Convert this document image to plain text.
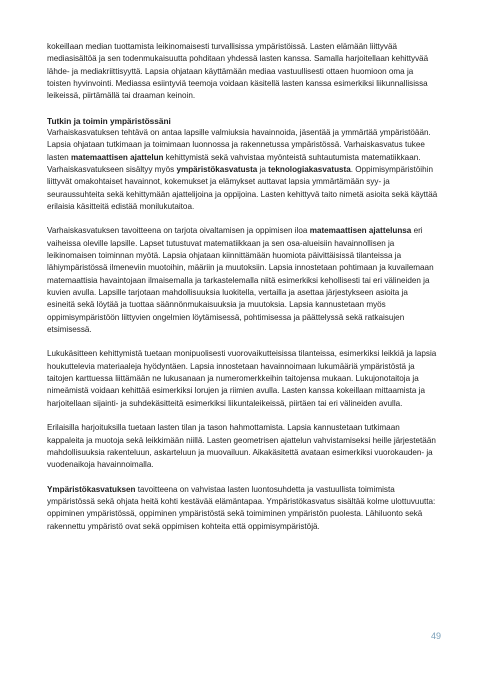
kokeillaan median tuottamista leikinomaisesti turvallisissa ympäristöissä. Lasten elämään liittyvää mediasisältöä ja sen todenmukaisuutta pohditaan yhdessä lasten kanssa. Samalla harjoitellaan kehittyvää lähde- ja mediakriittisyyttä. Lapsia ohjataan käyttämään mediaa vastuullisesti ottaen huomioon oma ja toisten hyvinvointi. Mediassa esiintyviä teemoja voidaan käsitellä lasten kanssa esimerkiksi liikunnallisissa leikeissä, piirtämällä tai draaman keinoin.

Tutkin ja toimin ympäristössäni

Varhaiskasvatuksen tehtävä on antaa lapsille valmiuksia havainnoida, jäsentää ja ymmärtää ympäristöään. Lapsia ohjataan tutkimaan ja toimimaan luonnossa ja rakennetussa ympäristössä. Varhaiskasvatus tukee lasten matemaattisen ajattelun kehittymistä sekä vahvistaa myönteistä suhtautumista matematiikkaan. Varhaiskasvatukseen sisältyy myös ympäristökasvatusta ja teknologiakasvatusta. Oppimisympäristöihin liittyvät omakohtaiset havainnot, kokemukset ja elämykset auttavat lapsia ymmärtämään syy- ja seuraussuhteita sekä kehittymään ajattelijoina ja oppijoina. Lasten kehittyvä taito nimetä asioita sekä käyttää erilaisia käsitteitä edistää monilukutaitoa.

Varhaiskasvatuksen tavoitteena on tarjota oivaltamisen ja oppimisen iloa matemaattisen ajattelunsa eri vaiheissa oleville lapsille. Lapset tutustuvat matematiikkaan ja sen osa-alueisiin havainnollisen ja leikinomaisen toiminnan myötä. Lapsia ohjataan kiinnittämään huomiota päivittäisissä tilanteissa ja lähiympäristössä ilmeneviin muotoihin, määriin ja muutoksiin. Lapsia innostetaan pohtimaan ja kuvailemaan matemaattisia havaintojaan ilmaisemalla ja tarkastelemalla niitä esimerkiksi kehollisesti tai eri välineiden ja kuvien avulla. Lapsille tarjotaan mahdollisuuksia luokitella, vertailla ja asettaa järjestykseen asioita ja esineitä sekä löytää ja tuottaa säännönmukaisuuksia ja muutoksia. Lapsia kannustetaan myös oppimisympäristöön liittyvien ongelmien löytämisessä, pohtimisessa ja päättelyssä sekä ratkaisujen etsimisessä.

Lukukäsitteen kehittymistä tuetaan monipuolisesti vuorovaikutteisissa tilanteissa, esimerkiksi leikkiä ja lapsia houkuttelevia materiaaleja hyödyntäen. Lapsia innostetaan havainnoimaan lukumääriä ympäristöstä ja taitojen karttuessa liittämään ne lukusanaan ja numeromerkkeihin taitojensa mukaan. Lukujonotaitoja ja nimeämistä voidaan kehittää esimerkiksi lorujen ja riimien avulla. Lasten kanssa kokeillaan mittaamista ja harjoitellaan sijainti- ja suhdekäsitteitä esimerkiksi liikuntaleikeissä, piirtäen tai eri välineiden avulla.

Erilaisilla harjoituksilla tuetaan lasten tilan ja tason hahmottamista. Lapsia kannustetaan tutkimaan kappaleita ja muotoja sekä leikkimään niillä. Lasten geometrisen ajattelun vahvistamiseksi heille järjestetään mahdollisuuksia rakenteluun, askarteluun ja muovailuun. Aikakäsitettä avataan esimerkiksi vuorokauden- ja vuodenaikoja havainnoimalla.

Ympäristökasvatuksen tavoitteena on vahvistaa lasten luontosuhdetta ja vastuullista toimimista ympäristössä sekä ohjata heitä kohti kestävää elämäntapaa. Ympäristökasvatus sisältää kolme ulottuvuutta: oppiminen ympäristössä, oppiminen ympäristöstä sekä toimiminen ympäristön puolesta. Lähiluonto sekä rakennettu ympäristö ovat sekä oppimisen kohteita että oppimisympäristöjä.

49
